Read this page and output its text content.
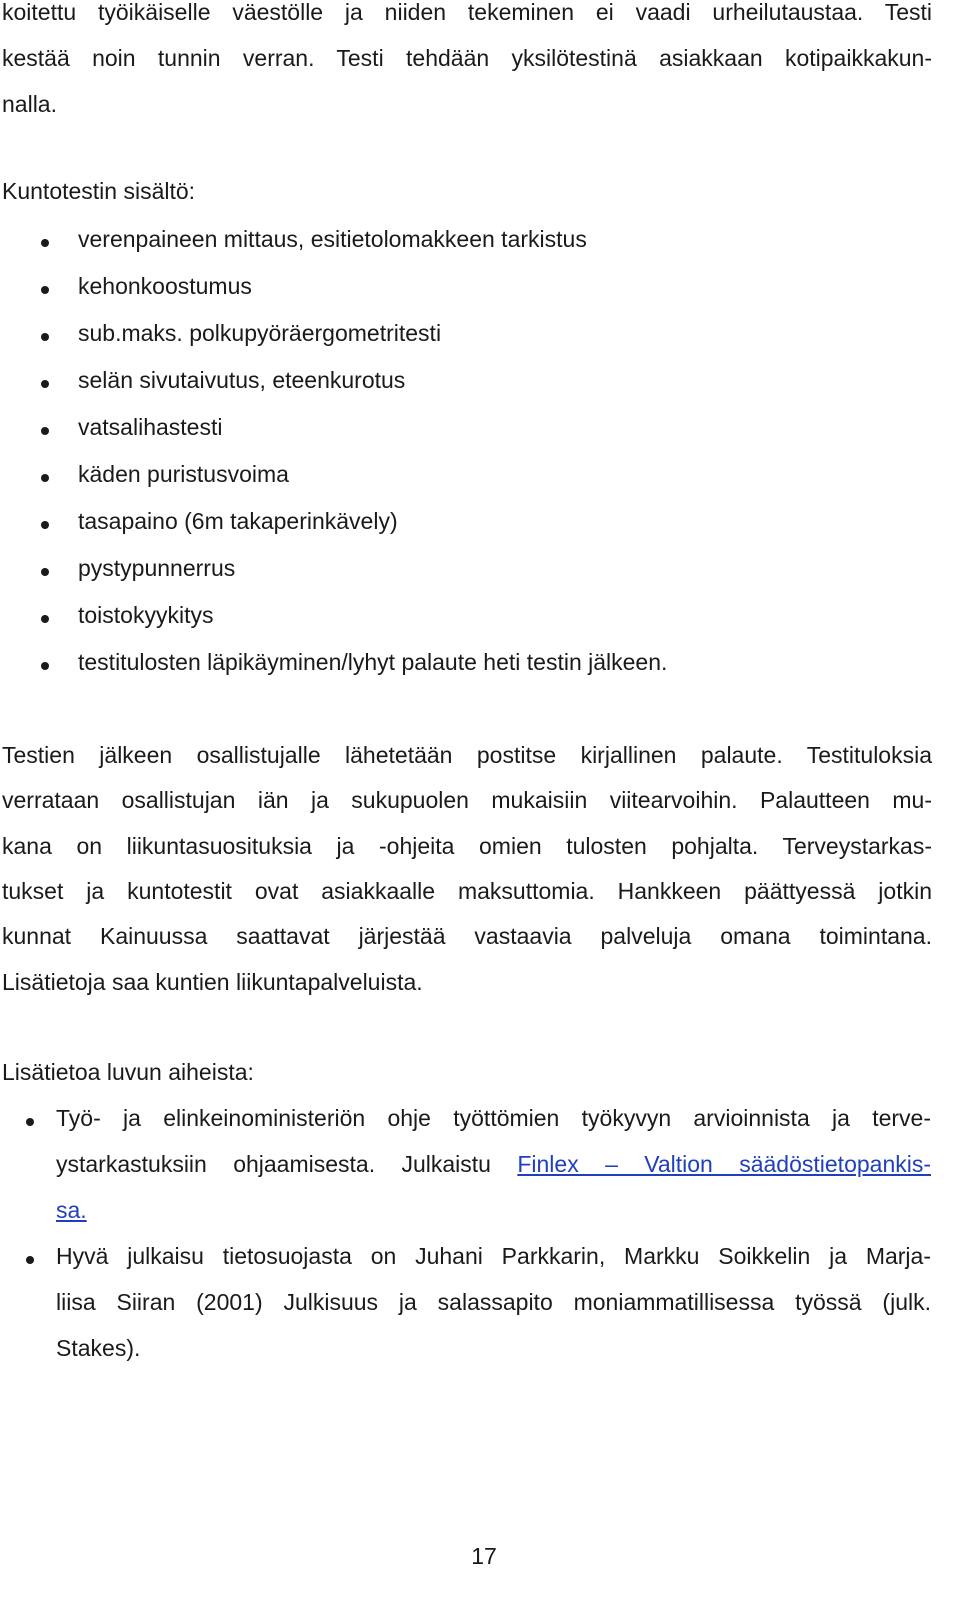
koitettu työikäiselle väestölle ja niiden tekeminen ei vaadi urheilutaustaa. Testi
kestää noin tunnin verran. Testi tehdään yksilötestinä asiakkaan kotipaikkakun-
nalla.
Kuntotestin sisältö:
verenpaineen mittaus, esitietolomakkeen tarkistus
kehonkoostumus
sub.maks. polkupyöräergometritesti
selän sivutaivutus, eteenkurotus
vatsalihastesti
käden puristusvoima
tasapaino (6m takaperinkävely)
pystypunnerrus
toistokyykitys
testitulosten läpikäyminen/lyhyt palaute heti testin jälkeen.
Testien jälkeen osallistujalle lähetetään postitse kirjallinen palaute. Testituloksia
verrataan osallistujan iän ja sukupuolen mukaisiin viitearvoihin. Palautteen mu-
kana on liikuntasuosituksia ja -ohjeita omien tulosten pohjalta. Terveystarkas-
tukset ja kuntotestit ovat asiakkaalle maksuttomia. Hankkeen päättyessä jotkin
kunnat Kainuussa saattavat järjestää vastaavia palveluja omana toimintana.
Lisätietoja saa kuntien liikuntapalveluista.
Lisätietoa luvun aiheista:
Työ- ja elinkeinoministeriön ohje työttömien työkyvyn arvioinnista ja terve-
ystarkastuksiin ohjaamisesta. Julkaistu Finlex – Valtion säädöstietopankis-
sa.
Hyvä julkaisu tietosuojasta on Juhani Parkkarin, Markku Soikkelin ja Marja-
liisa Siiran (2001) Julkisuus ja salassapito moniammatillisessa työssä (julk.
Stakes).
17
